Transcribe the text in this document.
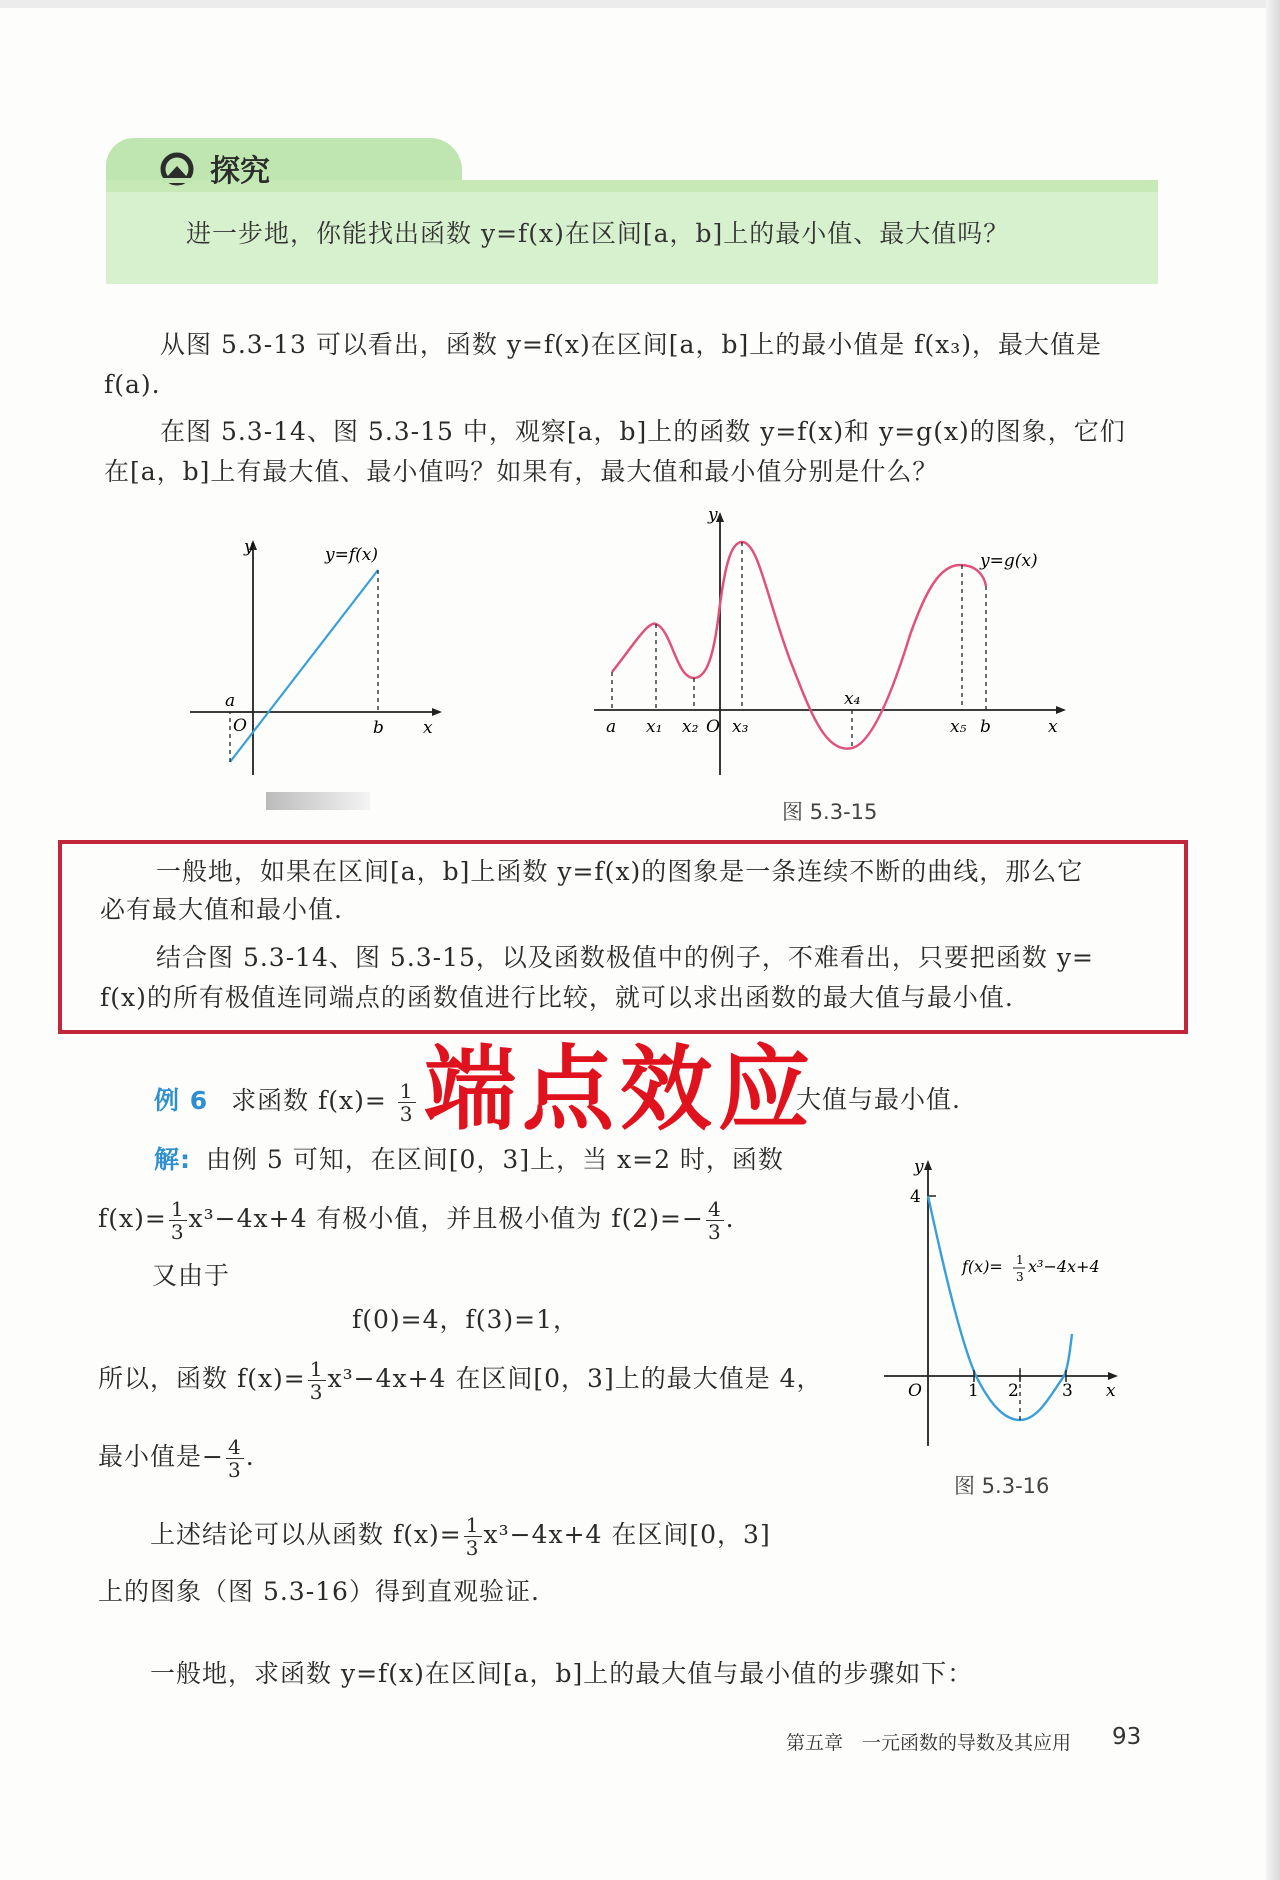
探究
进一步地，你能找出函数 y=f(x)在区间[a，b]上的最小值、最大值吗？
从图 5.3-13 可以看出，函数 y=f(x)在区间[a，b]上的最小值是 f(x₃)，最大值是
f(a).
在图 5.3-14、图 5.3-15 中，观察[a，b]上的函数 y=f(x)和 y=g(x)的图象，它们
在[a，b]上有最大值、最小值吗？如果有，最大值和最小值分别是什么？
y	y=f(x)
a
O	b x
y
y=g(x)
a x₁ x₂ O x₃
x₄
x₅ b	x
图 5.3-15
一般地，如果在区间[a，b]上函数 y=f(x)的图象是一条连续不断的曲线，那么它
必有最大值和最小值.
结合图 5.3-14、图 5.3-15，以及函数极值中的例子，不难看出，只要把函数 y=
f(x)的所有极值连同端点的函数值进行比较，就可以求出函数的最大值与最小值.
例 6 求函数 $f(x)= \frac{1}{3}$	大值与最小值.
端点效应
解: 由例 5 可知，在区间[0，3]上，当 x=2 时，函数
$f(x)= \frac{1}{3} x^3-4x+4$ 有极小值，并且极小值为 $f(2)=- \frac{4}{3}$ .
又由于
f(0)=4，f(3)=1，
所以，函数 $f(x)= \frac{1}{3} x^3-4x+4$ 在区间[0，3]上的最大值是 4，
最小值是− $\frac{4}{3}$ .
y
4
O	1 2	3 x
f(x)= 1
3
x³−4x+4
图 5.3-16
上述结论可以从函数 $f(x)= \frac{1}{3} x^3-4x+4$ 在区间[0，3]
上的图象（图 5.3-16）得到直观验证.
一般地，求函数 y=f(x)在区间[a，b]上的最大值与最小值的步骤如下：
第五章　一元函数的导数及其应用 93
